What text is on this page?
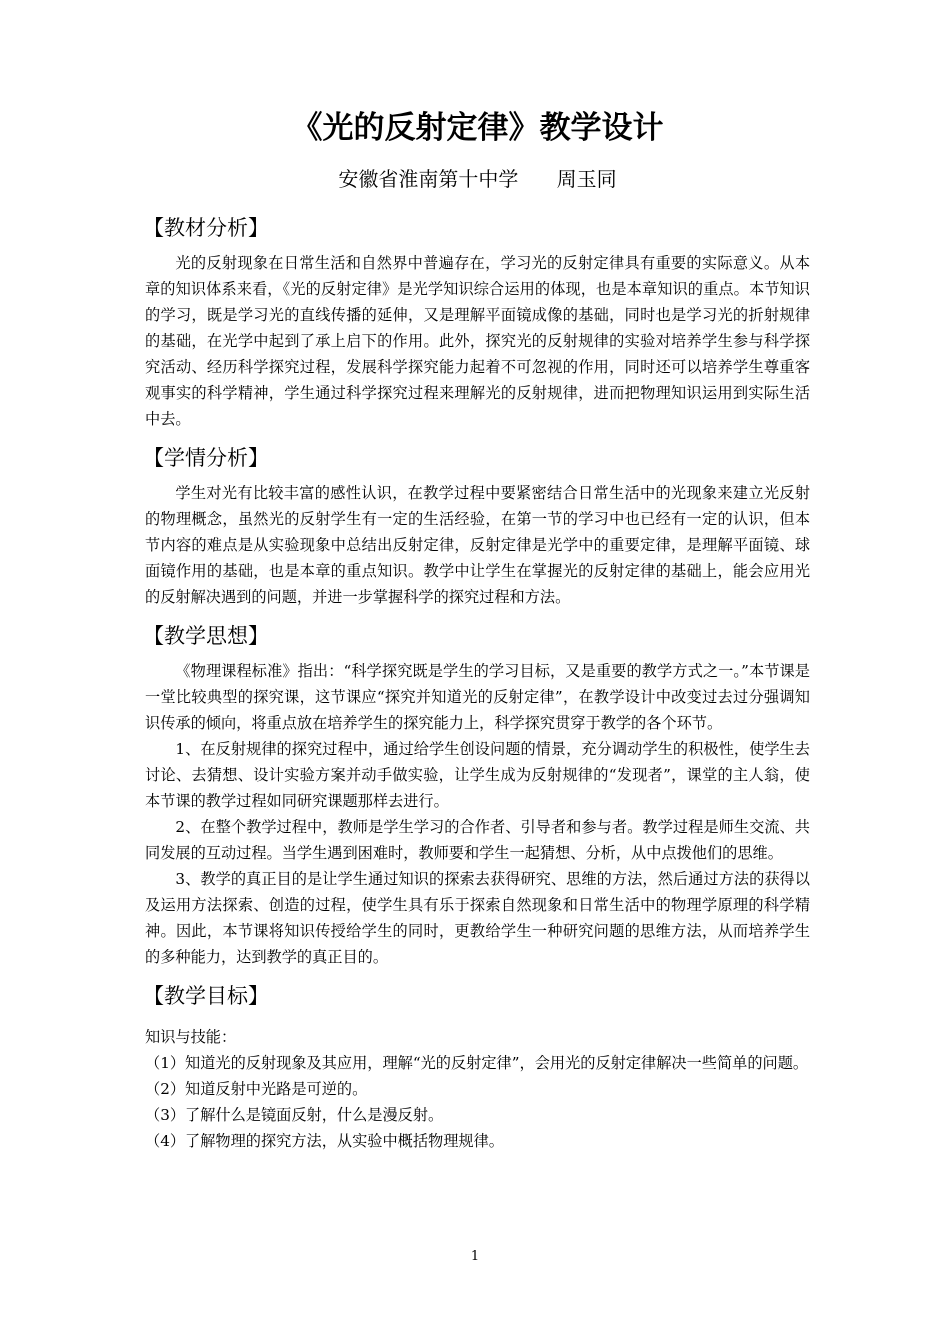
《光的反射定律》教学设计

安徽省淮南第十中学      周玉同

【教材分析】

光的反射现象在日常生活和自然界中普遍存在，学习光的反射定律具有重要的实际意义。从本章的知识体系来看，《光的反射定律》是光学知识综合运用的体现，也是本章知识的重点。本节知识的学习，既是学习光的直线传播的延伸，又是理解平面镜成像的基础，同时也是学习光的折射规律的基础，在光学中起到了承上启下的作用。此外，探究光的反射规律的实验对培养学生参与科学探究活动、经历科学探究过程，发展科学探究能力起着不可忽视的作用，同时还可以培养学生尊重客观事实的科学精神，学生通过科学探究过程来理解光的反射规律，进而把物理知识运用到实际生活中去。

【学情分析】

学生对光有比较丰富的感性认识，在教学过程中要紧密结合日常生活中的光现象来建立光反射的物理概念，虽然光的反射学生有一定的生活经验，在第一节的学习中也已经有一定的认识，但本节内容的难点是从实验现象中总结出反射定律，反射定律是光学中的重要定律，是理解平面镜、球面镜作用的基础，也是本章的重点知识。教学中让学生在掌握光的反射定律的基础上，能会应用光的反射解决遇到的问题，并进一步掌握科学的探究过程和方法。

【教学思想】

《物理课程标准》指出：“科学探究既是学生的学习目标，又是重要的教学方式之一。”本节课是一堂比较典型的探究课，这节课应“探究并知道光的反射定律”，在教学设计中改变过去过分强调知识传承的倾向，将重点放在培养学生的探究能力上，科学探究贯穿于教学的各个环节。

1、在反射规律的探究过程中，通过给学生创设问题的情景，充分调动学生的积极性，使学生去讨论、去猜想、设计实验方案并动手做实验，让学生成为反射规律的“发现者”，课堂的主人翁，使本节课的教学过程如同研究课题那样去进行。

2、在整个教学过程中，教师是学生学习的合作者、引导者和参与者。教学过程是师生交流、共同发展的互动过程。当学生遇到困难时，教师要和学生一起猜想、分析，从中点拨他们的思维。

3、教学的真正目的是让学生通过知识的探索去获得研究、思维的方法，然后通过方法的获得以及运用方法探索、创造的过程，使学生具有乐于探索自然现象和日常生活中的物理学原理的科学精神。因此，本节课将知识传授给学生的同时，更教给学生一种研究问题的思维方法，从而培养学生的多种能力，达到教学的真正目的。

【教学目标】

知识与技能：

（1）知道光的反射现象及其应用，理解“光的反射定律”，会用光的反射定律解决一些简单的问题。

（2）知道反射中光路是可逆的。

（3）了解什么是镜面反射，什么是漫反射。

（4）了解物理的探究方法，从实验中概括物理规律。

1
